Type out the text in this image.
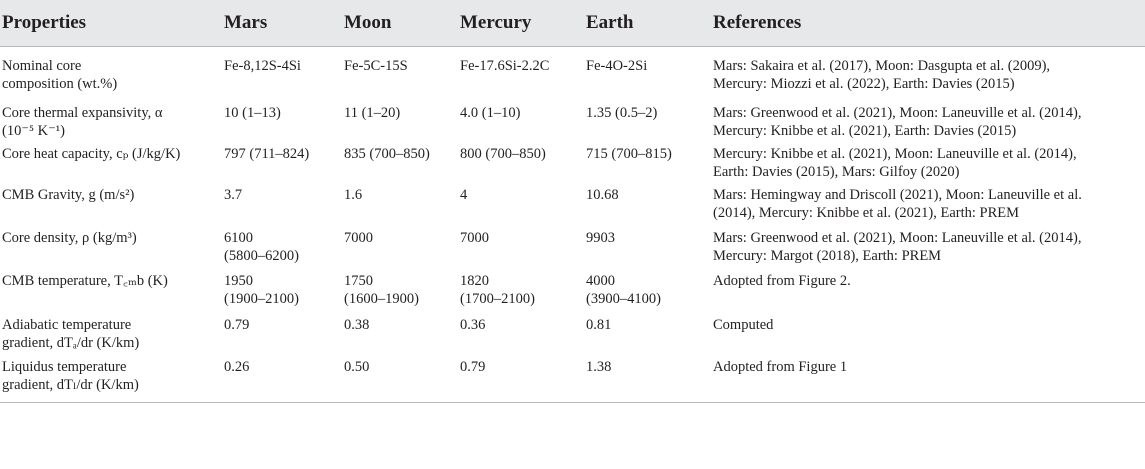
Properties	Mars	Moon	Mercury	Earth	References

Nominal core
composition (wt.%)	Fe-8,12S-4Si	Fe-5C-15S	Fe-17.6Si-2.2C	Fe-4O-2Si	Mars: Sakaira et al. (2017), Moon: Dasgupta et al. (2009),
Mercury: Miozzi et al. (2022), Earth: Davies (2015)

Core thermal expansivity, α
(10⁻⁵ K⁻¹)	10 (1–13)	11 (1–20)	4.0 (1–10)	1.35 (0.5–2)	Mars: Greenwood et al. (2021), Moon: Laneuville et al. (2014),
Mercury: Knibbe et al. (2021), Earth: Davies (2015)

Core heat capacity, cₚ (J/kg/K)	797 (711–824)	835 (700–850)	800 (700–850)	715 (700–815)	Mercury: Knibbe et al. (2021), Moon: Laneuville et al. (2014),
Earth: Davies (2015), Mars: Gilfoy (2020)

CMB Gravity, g (m/s²)	3.7	1.6	4	10.68	Mars: Hemingway and Driscoll (2021), Moon: Laneuville et al.
(2014), Mercury: Knibbe et al. (2021), Earth: PREM

Core density, ρ (kg/m³)	6100
(5800–6200)	7000	7000	9903	Mars: Greenwood et al. (2021), Moon: Laneuville et al. (2014),
Mercury: Margot (2018), Earth: PREM

CMB temperature, T꜀ₘb (K)	1950
(1900–2100)	1750
(1600–1900)	1820
(1700–2100)	4000
(3900–4100)	Adopted from Figure 2.

Adiabatic temperature
gradient, dTₐ/dr (K/km)	0.79	0.38	0.36	0.81	Computed

Liquidus temperature
gradient, dTₗ/dr (K/km)	0.26	0.50	0.79	1.38	Adopted from Figure 1
